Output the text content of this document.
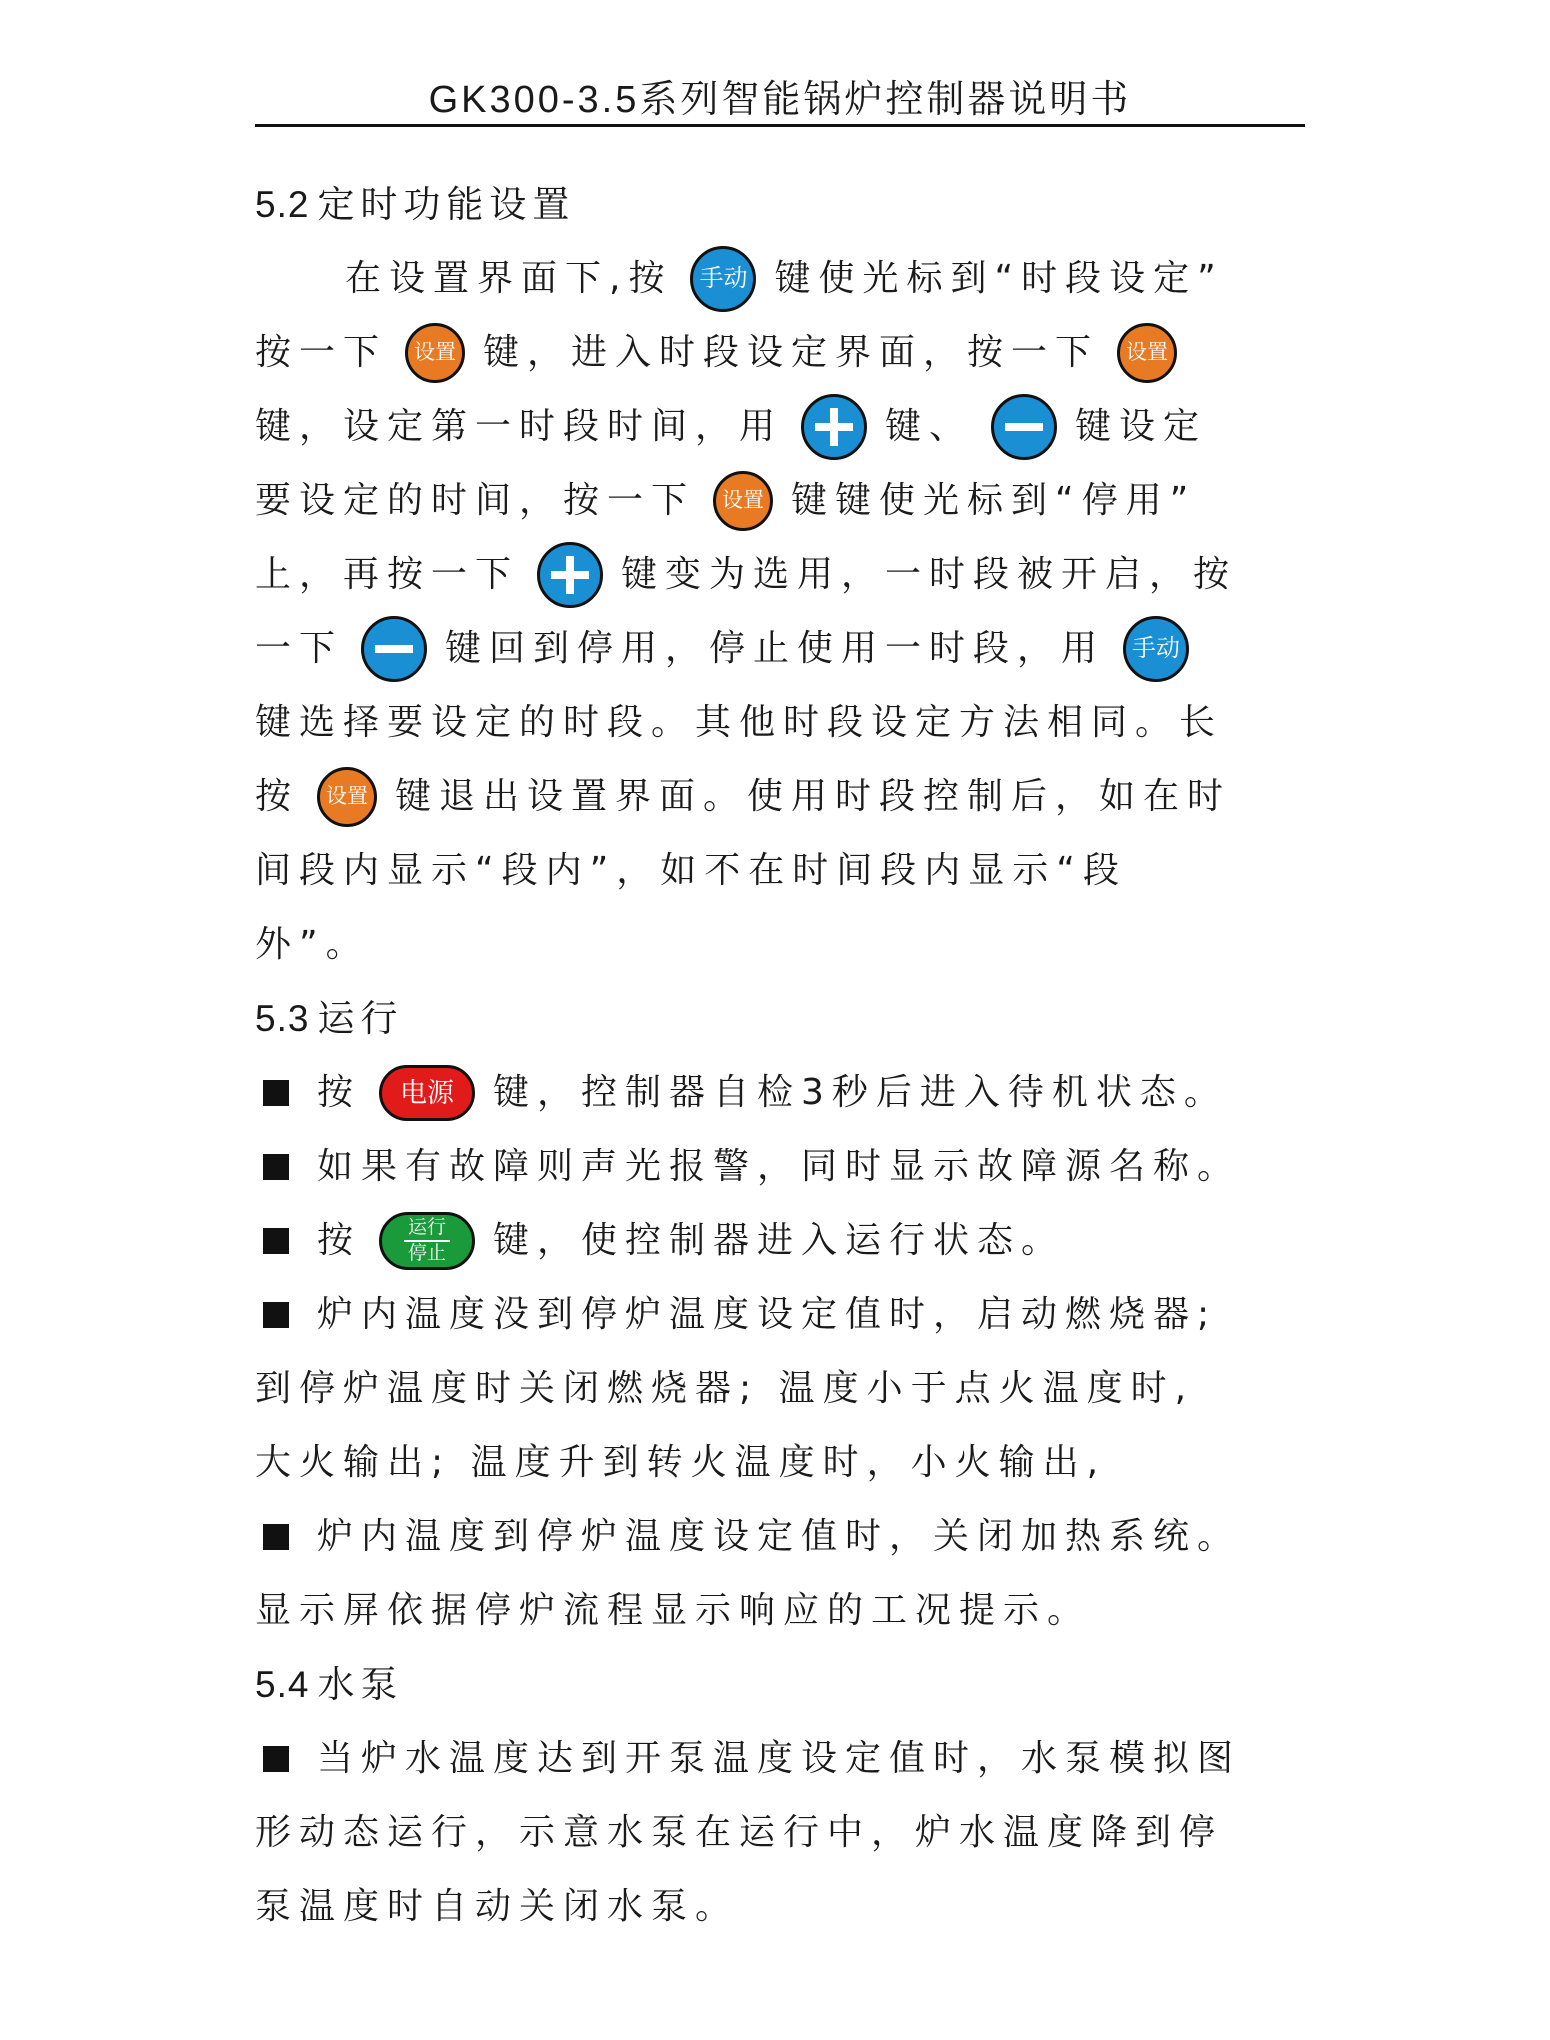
GK300-3.5系列智能锅炉控制器说明书
5.2 定时功能设置
在设置界面下,按	手动 键使光标到“时段设定”
按一下	设置 键，进入时段设定界面，按一下	设置
键，设定第一时段时间，用	键、	键设定
要设定的时间，按一下	设置 键键使光标到“停用”
上，再按一下	键变为选用，一时段被开启，按
一下	键回到停用，停止使用一时段，用	手动
键选择要设定的时段。其他时段设定方法相同。长
按	设置 键退出设置界面。使用时段控制后，如在时
间段内显示“段内”，如不在时间段内显示“段
外”。
5.3 运行
按	电源	键，控制器自检3秒后进入待机状态。
如果有故障则声光报警，同时显示故障源名称。
按 运行
停止 键，使控制器进入运行状态。
炉内温度没到停炉温度设定值时，启动燃烧器;
到停炉温度时关闭燃烧器; 温度小于点火温度时,
大火输出; 温度升到转火温度时，小火输出,
炉内温度到停炉温度设定值时，关闭加热系统。
显示屏依据停炉流程显示响应的工况提示。
5.4 水泵
当炉水温度达到开泵温度设定值时，水泵模拟图
形动态运行，示意水泵在运行中，炉水温度降到停
泵温度时自动关闭水泵。
